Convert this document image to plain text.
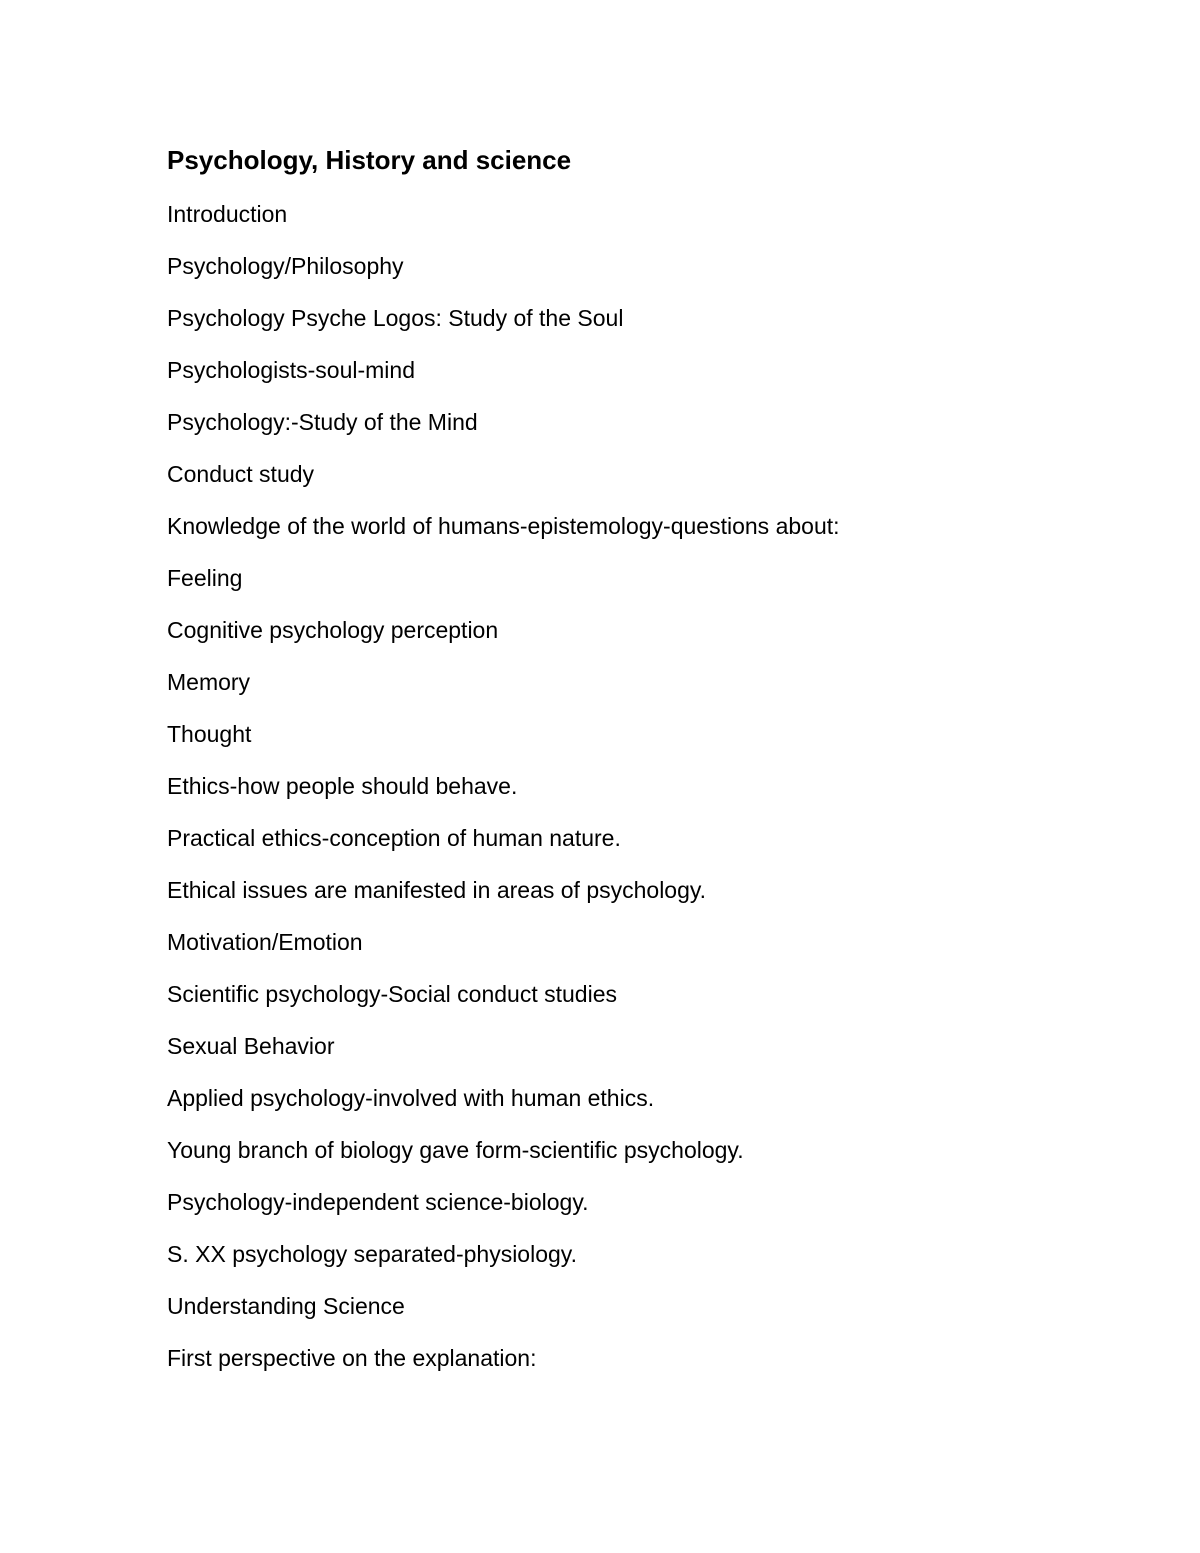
Psychology, History and science
Introduction
Psychology/Philosophy
Psychology Psyche Logos: Study of the Soul
Psychologists-soul-mind
Psychology:-Study of the Mind
Conduct study
Knowledge of the world of humans-epistemology-questions about:
Feeling
Cognitive psychology perception
Memory
Thought
Ethics-how people should behave.
Practical ethics-conception of human nature.
Ethical issues are manifested in areas of psychology.
Motivation/Emotion
Scientific psychology-Social conduct studies
Sexual Behavior
Applied psychology-involved with human ethics.
Young branch of biology gave form-scientific psychology.
Psychology-independent science-biology.
S. XX psychology separated-physiology.
Understanding Science
First perspective on the explanation:
